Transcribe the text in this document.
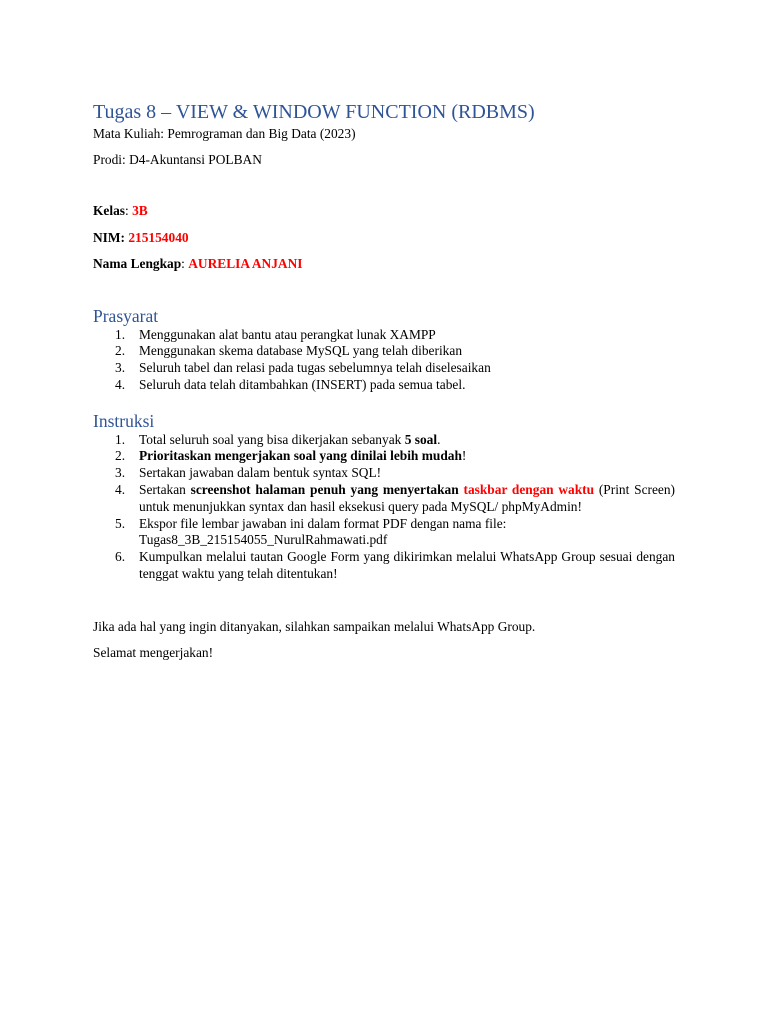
Tugas 8 – VIEW & WINDOW FUNCTION (RDBMS)

Mata Kuliah: Pemrograman dan Big Data (2023)

Prodi: D4-Akuntansi POLBAN

Kelas: 3B

NIM: 215154040

Nama Lengkap: AURELIA ANJANI

Prasyarat
1. Menggunakan alat bantu atau perangkat lunak XAMPP
2. Menggunakan skema database MySQL yang telah diberikan
3. Seluruh tabel dan relasi pada tugas sebelumnya telah diselesaikan
4. Seluruh data telah ditambahkan (INSERT) pada semua tabel.
Instruksi
1. Total seluruh soal yang bisa dikerjakan sebanyak 5 soal.
2. Prioritaskan mengerjakan soal yang dinilai lebih mudah!
3. Sertakan jawaban dalam bentuk syntax SQL!
4. Sertakan screenshot halaman penuh yang menyertakan taskbar dengan waktu (Print Screen) untuk menunjukkan syntax dan hasil eksekusi query pada MySQL/ phpMyAdmin!
5. Ekspor file lembar jawaban ini dalam format PDF dengan nama file:
Tugas8_3B_215154055_NurulRahmawati.pdf
6. Kumpulkan melalui tautan Google Form yang dikirimkan melalui WhatsApp Group sesuai dengan tenggat waktu yang telah ditentukan!

Jika ada hal yang ingin ditanyakan, silahkan sampaikan melalui WhatsApp Group.

Selamat mengerjakan!
